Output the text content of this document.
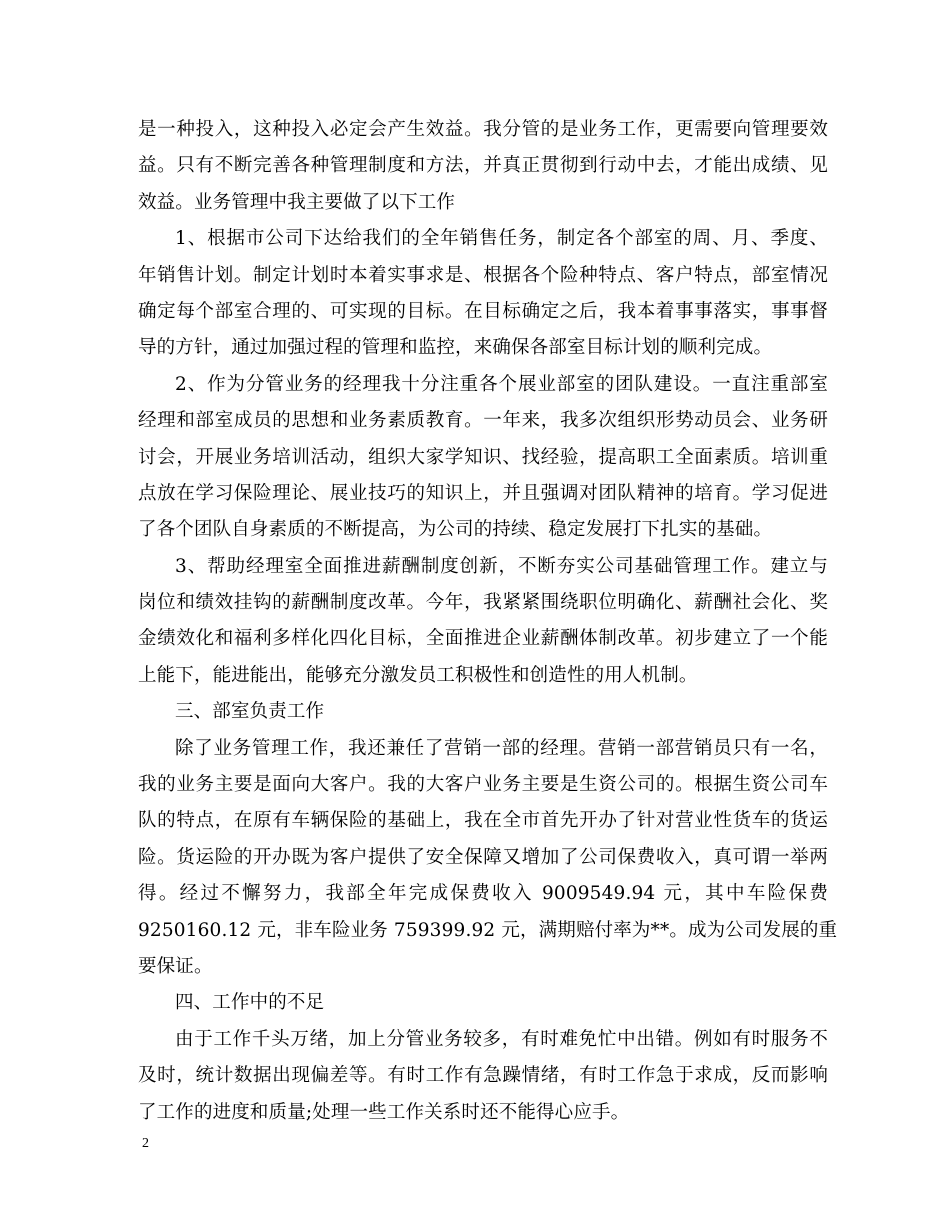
是一种投入，这种投入必定会产生效益。我分管的是业务工作，更需要向管理要效
益。只有不断完善各种管理制度和方法，并真正贯彻到行动中去，才能出成绩、见
效益。业务管理中我主要做了以下工作
1、根据市公司下达给我们的全年销售任务，制定各个部室的周、月、季度、
年销售计划。制定计划时本着实事求是、根据各个险种特点、客户特点，部室情况
确定每个部室合理的、可实现的目标。在目标确定之后，我本着事事落实，事事督
导的方针，通过加强过程的管理和监控，来确保各部室目标计划的顺利完成。
2、作为分管业务的经理我十分注重各个展业部室的团队建设。一直注重部室
经理和部室成员的思想和业务素质教育。一年来，我多次组织形势动员会、业务研
讨会，开展业务培训活动，组织大家学知识、找经验，提高职工全面素质。培训重
点放在学习保险理论、展业技巧的知识上，并且强调对团队精神的培育。学习促进
了各个团队自身素质的不断提高，为公司的持续、稳定发展打下扎实的基础。
3、帮助经理室全面推进薪酬制度创新，不断夯实公司基础管理工作。建立与
岗位和绩效挂钩的薪酬制度改革。今年，我紧紧围绕职位明确化、薪酬社会化、奖
金绩效化和福利多样化四化目标，全面推进企业薪酬体制改革。初步建立了一个能
上能下，能进能出，能够充分激发员工积极性和创造性的用人机制。
三、部室负责工作
除了业务管理工作，我还兼任了营销一部的经理。营销一部营销员只有一名，
我的业务主要是面向大客户。我的大客户业务主要是生资公司的。根据生资公司车
队的特点，在原有车辆保险的基础上，我在全市首先开办了针对营业性货车的货运
险。货运险的开办既为客户提供了安全保障又增加了公司保费收入，真可谓一举两
得。经过不懈努力，我部全年完成保费收入 9009549.94 元，其中车险保费
9250160.12 元，非车险业务 759399.92 元，满期赔付率为**。成为公司发展的重
要保证。
四、工作中的不足
由于工作千头万绪，加上分管业务较多，有时难免忙中出错。例如有时服务不
及时，统计数据出现偏差等。有时工作有急躁情绪，有时工作急于求成，反而影响
了工作的进度和质量;处理一些工作关系时还不能得心应手。
2
